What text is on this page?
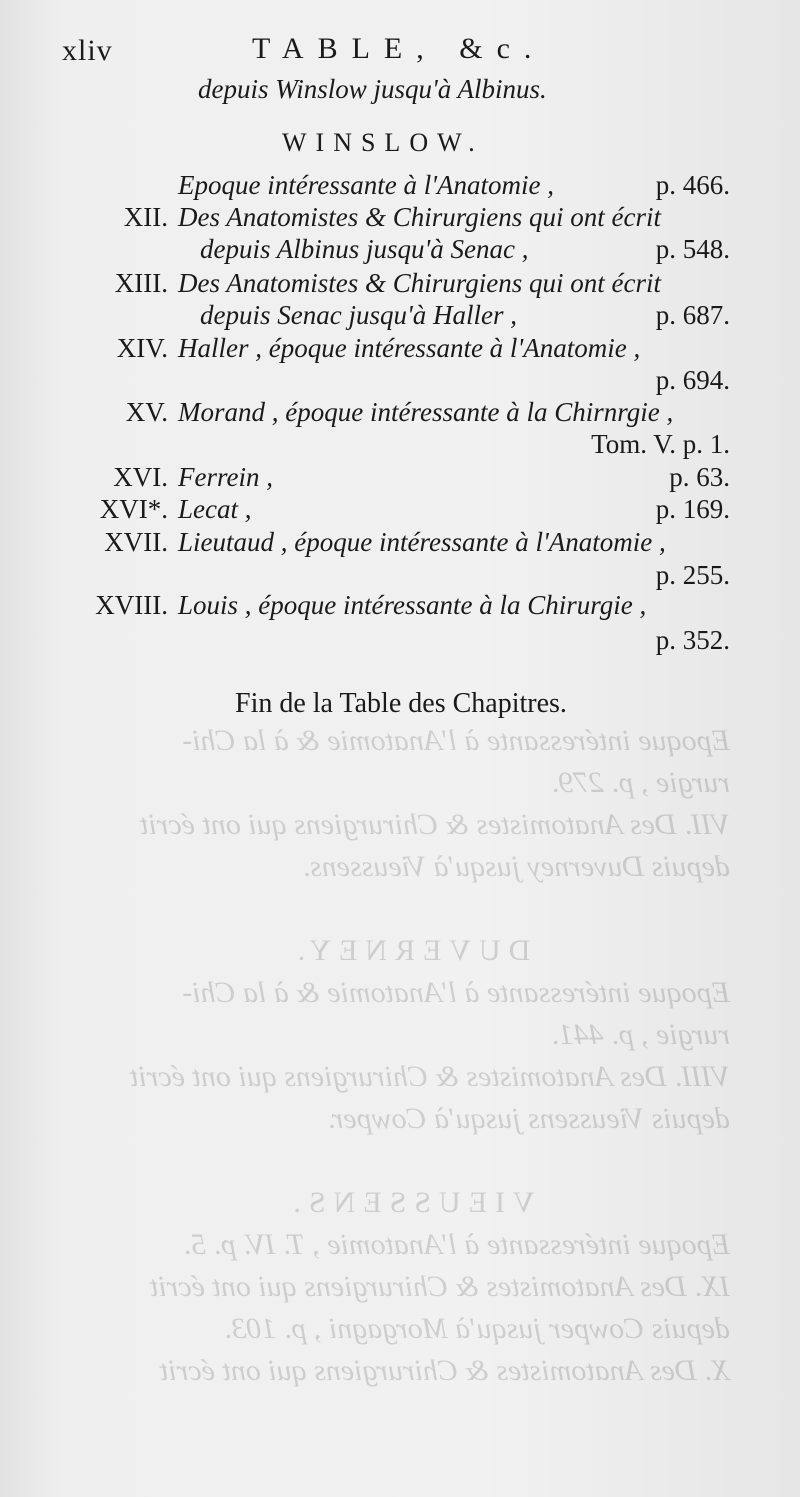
Epoque intéressante à l'Anatomie & à la Chi-
rurgie , p. 279.
VII. Des Anatomistes & Chirurgiens qui ont écrit
depuis Duverney jusqu'à Vieussens.

DUVERNEY.
Epoque intéressante à l'Anatomie & à la Chi-
rurgie , p. 441.
VIII. Des Anatomistes & Chirurgiens qui ont écrit
depuis Vieussens jusqu'à Cowper.

VIEUSSENS.
Epoque intéressante à l'Anatomie , T. IV. p. 5.
IX. Des Anatomistes & Chirurgiens qui ont écrit
depuis Cowper jusqu'à Morgagni , p. 103.
X. Des Anatomistes & Chirurgiens qui ont écrit
xliv	TABLE, &c.
depuis Winslow jusqu'à Albinus.
WINSLOW.
Epoque intéressante à l'Anatomie ,	p. 466.
XII. Des Anatomistes & Chirurgiens qui ont écrit
depuis Albinus jusqu'à Senac ,	p. 548.
XIII. Des Anatomistes & Chirurgiens qui ont écrit
depuis Senac jusqu'à Haller ,	p. 687.
XIV. Haller , époque intéressante à l'Anatomie ,
p. 694.
XV. Morand , époque intéressante à la Chirnrgie ,
Tom. V. p. 1.
XVI. Ferrein ,	p. 63.
XVI*. Lecat ,	p. 169.
XVII. Lieutaud , époque intéressante à l'Anatomie ,
p. 255.
XVIII. Louis , époque intéressante à la Chirurgie ,
p. 352.
Fin de la Table des Chapitres.
